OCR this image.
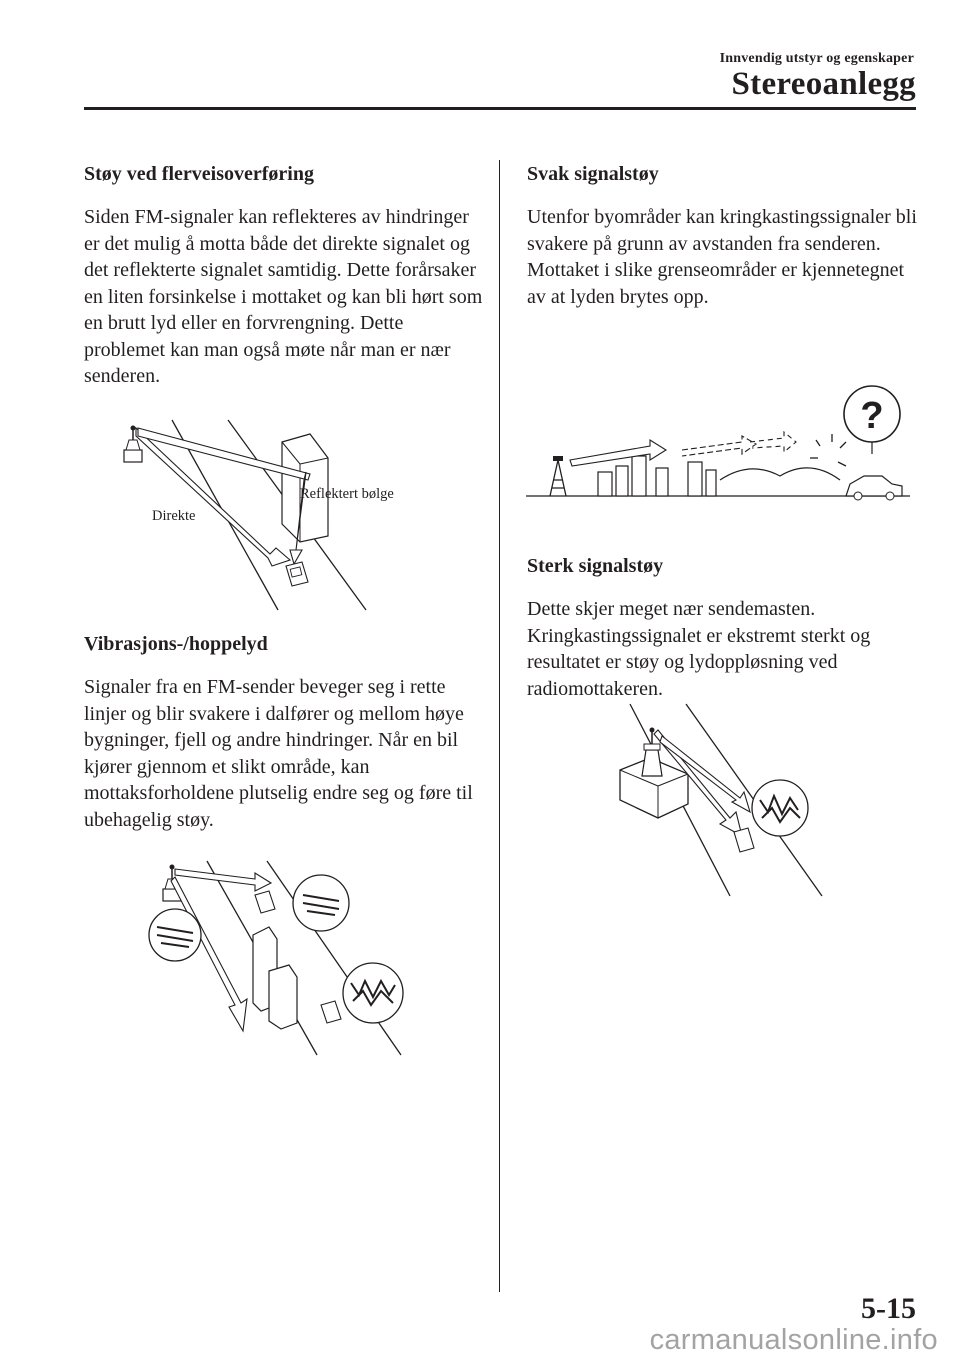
Innvendig utstyr og egenskaper
Stereoanlegg
Støy ved flerveisoverføring
Siden FM-signaler kan reflekteres av hindringer er det mulig å motta både det direkte signalet og det reflekterte signalet samtidig. Dette forårsaker en liten forsinkelse i mottaket og kan bli hørt som en brutt lyd eller en forvrengning. Dette problemet kan man også møte når man er nær senderen.
Direkte
Reflektert bølge
Vibrasjons-/hoppelyd
Signaler fra en FM-sender beveger seg i rette linjer og blir svakere i dalfører og mellom høye bygninger, fjell og andre hindringer. Når en bil kjører gjennom et slikt område, kan mottaksforholdene plutselig endre seg og føre til ubehagelig støy.
Svak signalstøy
Utenfor byområder kan kringkastingssignaler bli svakere på grunn av avstanden fra senderen. Mottaket i slike grenseområder er kjennetegnet av at lyden brytes opp.
?
Sterk signalstøy
Dette skjer meget nær sendemasten. Kringkastingssignalet er ekstremt sterkt og resultatet er støy og lydoppløsning ved radiomottakeren.
5-15
carmanualsonline.info
